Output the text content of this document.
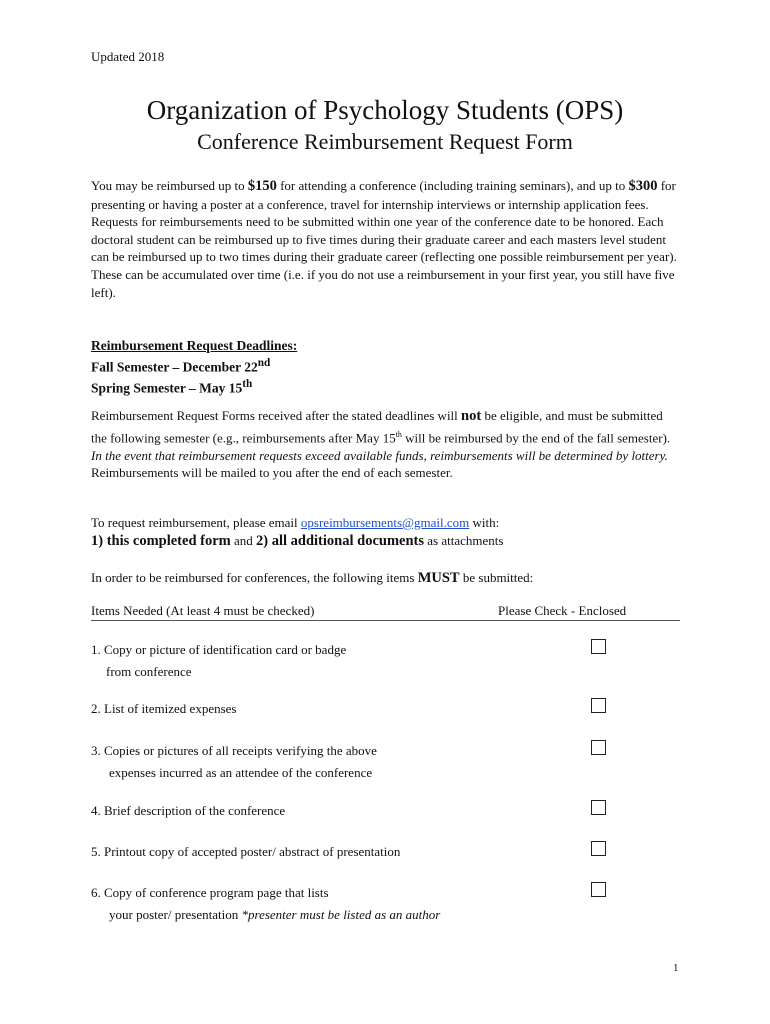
Updated 2018
Organization of Psychology Students (OPS)
Conference Reimbursement Request Form
You may be reimbursed up to $150 for attending a conference (including training seminars), and up to $300 for presenting or having a poster at a conference, travel for internship interviews or internship application fees. Requests for reimbursements need to be submitted within one year of the conference date to be honored. Each doctoral student can be reimbursed up to five times during their graduate career and each masters level student can be reimbursed up to two times during their graduate career (reflecting one possible reimbursement per year). These can be accumulated over time (i.e. if you do not use a reimbursement in your first year, you still have five left).
Reimbursement Request Deadlines:
Fall Semester – December 22nd
Spring Semester – May 15th
Reimbursement Request Forms received after the stated deadlines will not be eligible, and must be submitted the following semester (e.g., reimbursements after May 15th will be reimbursed by the end of the fall semester). In the event that reimbursement requests exceed available funds, reimbursements will be determined by lottery. Reimbursements will be mailed to you after the end of each semester.
To request reimbursement, please email opsreimbursements@gmail.com with:
1) this completed form and 2) all additional documents as attachments
In order to be reimbursed for conferences, the following items MUST be submitted:
Items Needed (At least 4 must be checked)	Please Check - Enclosed
1. Copy or picture of identification card or badge
from conference
2. List of itemized expenses
3. Copies or pictures of all receipts verifying the above
expenses incurred as an attendee of the conference
4. Brief description of the conference
5. Printout copy of accepted poster/ abstract of presentation
6. Copy of conference program page that lists
your poster/ presentation *presenter must be listed as an author
1
